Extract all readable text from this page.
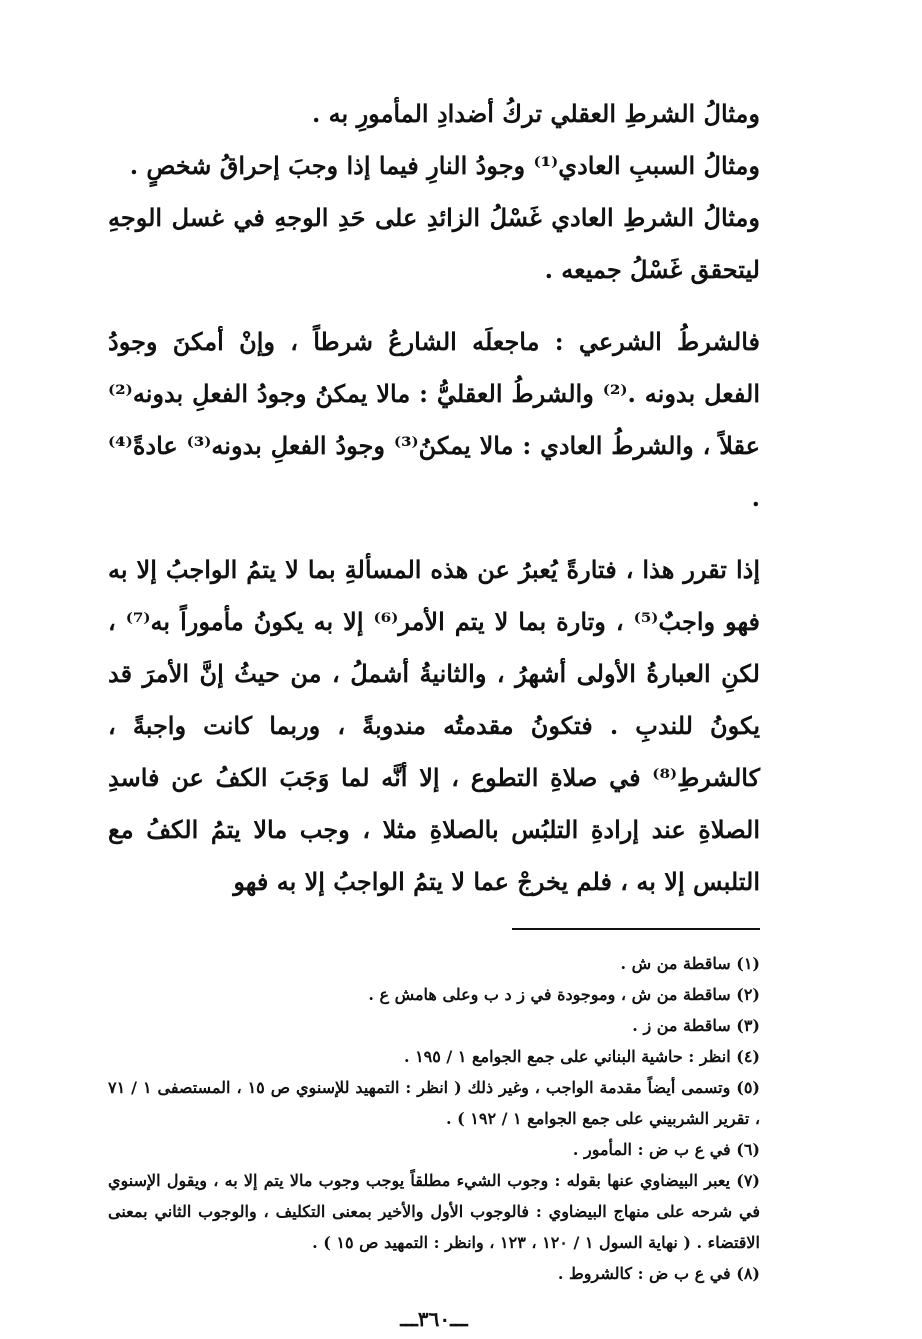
ومثالُ الشرطِ العقلي تركُ أضدادِ المأمورِ به .

ومثالُ السببِ العادي⁽¹⁾ وجودُ النارِ فيما إذا وجبَ إحراقُ شخصٍ .

ومثالُ الشرطِ العادي غَسْلُ الزائدِ على حَدِ الوجهِ في غسل الوجهِ ليتحقق غَسْلُ جميعه .

فالشرطُ الشرعي : ماجعلَه الشارعُ شرطاً ، وإنْ أمكنَ وجودُ الفعل بدونه .⁽²⁾ والشرطُ العقليُّ : مالا يمكنُ وجودُ الفعلِ بدونه⁽²⁾ عقلاً ، والشرطُ العادي : مالا يمكنُ⁽³⁾ وجودُ الفعلِ بدونه⁽³⁾ عادةً⁽⁴⁾ .

إذا تقرر هذا ، فتارةً يُعبرُ عن هذه المسألةِ بما لا يتمُ الواجبُ إلا به فهو واجبٌ⁽⁵⁾ ، وتارة بما لا يتم الأمر⁽⁶⁾ إلا به يكونُ مأموراً به⁽⁷⁾ ، لكنِ العبارةُ الأولى أشهرُ ، والثانيةُ أشملُ ، من حيثُ إنَّ الأمرَ قد يكونُ للندبِ . فتكونُ مقدمتُه مندوبةً ، وربما كانت واجبةً ، كالشرطِ⁽⁸⁾ في صلاةِ التطوع ، إلا أنَّه لما وَجَبَ الكفُ عن فاسدِ الصلاةِ عند إرادةِ التلبُس بالصلاةِ مثلا ، وجب مالا يتمُ الكفُ مع التلبس إلا به ، فلم يخرجْ عما لا يتمُ الواجبُ إلا به فهو

(١) ساقطة من ش .

(٢) ساقطة من ش ، وموجودة في ز د ب وعلى هامش ع .

(٣) ساقطة من ز .

(٤) انظر : حاشية البناني على جمع الجوامع ١ / ١٩٥ .

(٥) وتسمى أيضاً مقدمة الواجب ، وغير ذلك ( انظر : التمهيد للإسنوي ص ١٥ ، المستصفى ١ / ٧١ ، تقرير الشربيني على جمع الجوامع ١ / ١٩٢ ) .

(٦) في ع ب ض : المأمور .

(٧) يعبر البيضاوي عنها بقوله : وجوب الشيء مطلقاً يوجب وجوب مالا يتم إلا به ، ويقول الإسنوي في شرحه على منهاج البيضاوي : فالوجوب الأول والأخير بمعنى التكليف ، والوجوب الثاني بمعنى الاقتضاء . ( نهاية السول ١ / ١٢٠ ، ١٢٣ ، وانظر : التمهيد ص ١٥ ) .

(٨) في ع ب ض : كالشروط .

ـــ٣٦٠ـــ
